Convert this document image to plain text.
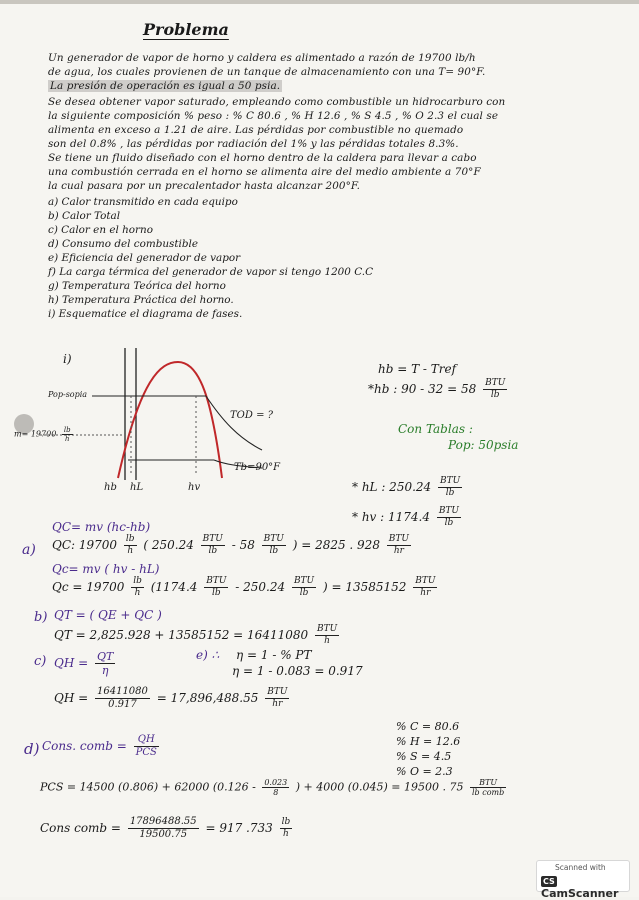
Problema
Un generador de vapor de horno y caldera es alimentado a razón de 19700 lb/h
de agua, los cuales provienen de un tanque de almacenamiento con una T= 90°F.
La presión de operación es igual a 50 psia.
Se desea obtener vapor saturado, empleando como combustible un hidrocarburo con
la siguiente composición % peso : % C 80.6 , % H 12.6 , % S 4.5 , % O 2.3 el cual se
alimenta en exceso a 1.21 de aire. Las pérdidas por combustible no quemado
son del 0.8% , las pérdidas por radiación del 1% y las pérdidas totales 8.3%.
Se tiene un fluido diseñado con el horno dentro de la caldera para llevar a cabo
una combustión cerrada en el horno se alimenta aire del medio ambiente a 70°F
la cual pasara por un precalentador hasta alcanzar 200°F.
a) Calor transmitido en cada equipo
b) Calor Total
c) Calor en el horno
d) Consumo del combustible
e) Eficiencia del generador de vapor
f) La carga térmica del generador de vapor si tengo 1200 C.C
g) Temperatura Teórica del horno
h) Temperatura Práctica del horno.
i) Esquematice el diagrama de fases.
i)
Pop-sopia
$m= 19700 \frac{lb}{h}$
TOD = ?
Tb=90°F
hb hL	hv
hb = T - Tref
*hb : $90 - 32 = 58 \frac{\text{BTU}}{lb}$
Con Tablas :
Pop: 50psia
* hL : $250.24 \frac{\text{BTU}}{lb}$
* hv : $1174.4 \frac{\text{BTU}}{lb}$
QC= mv (hc-hb)
a) QC: $19700 \frac{lb}{h}$ ( $250.24 \frac{\text{BTU}}{lb} - 58 \frac{\text{BTU}}{lb}$ ) = 2825 . $928 \frac{\text{BTU}}{hr}$
Qc= mv ( hv - hL)
$Qc = 19700 \frac{lb}{h} (1174.4 \frac{\text{BTU}}{lb} - 250.24 \frac{\text{BTU}}{lb}$ ) = $13585152 \frac{\text{BTU}}{hr}$
b) QT = ( QE + QC )
QT = $2,825.928 + 13585152 = 16411080 \frac{\text{BTU}}{h}$
c) QH = $\frac{QT}{\eta}$	e) ∴ η = 1 - % PT
η = 1 - 0.083 = 0.917
QH = $\frac{16411080}{0.917} = 17,896,488.55 \frac{\text{BTU}}{hr}$
d) Cons. comb = $\frac{QH}{\text{PCS}}$
% C = 80.6
% H = 12.6
% S = 4.5
% O = 2.3
PCS = 14500 (0.806) + 62000 ($0.126 - \frac{0.023}{8}$ ) + 4000 (0.045) = 19500 . $75 \frac{\text{BTU}}{\text{lb comb}}$
Cons comb = $\frac{17896488.55}{19500.75} = 917$ $.733 \frac{lb}{h}$
Scanned with
CSCamScanner
